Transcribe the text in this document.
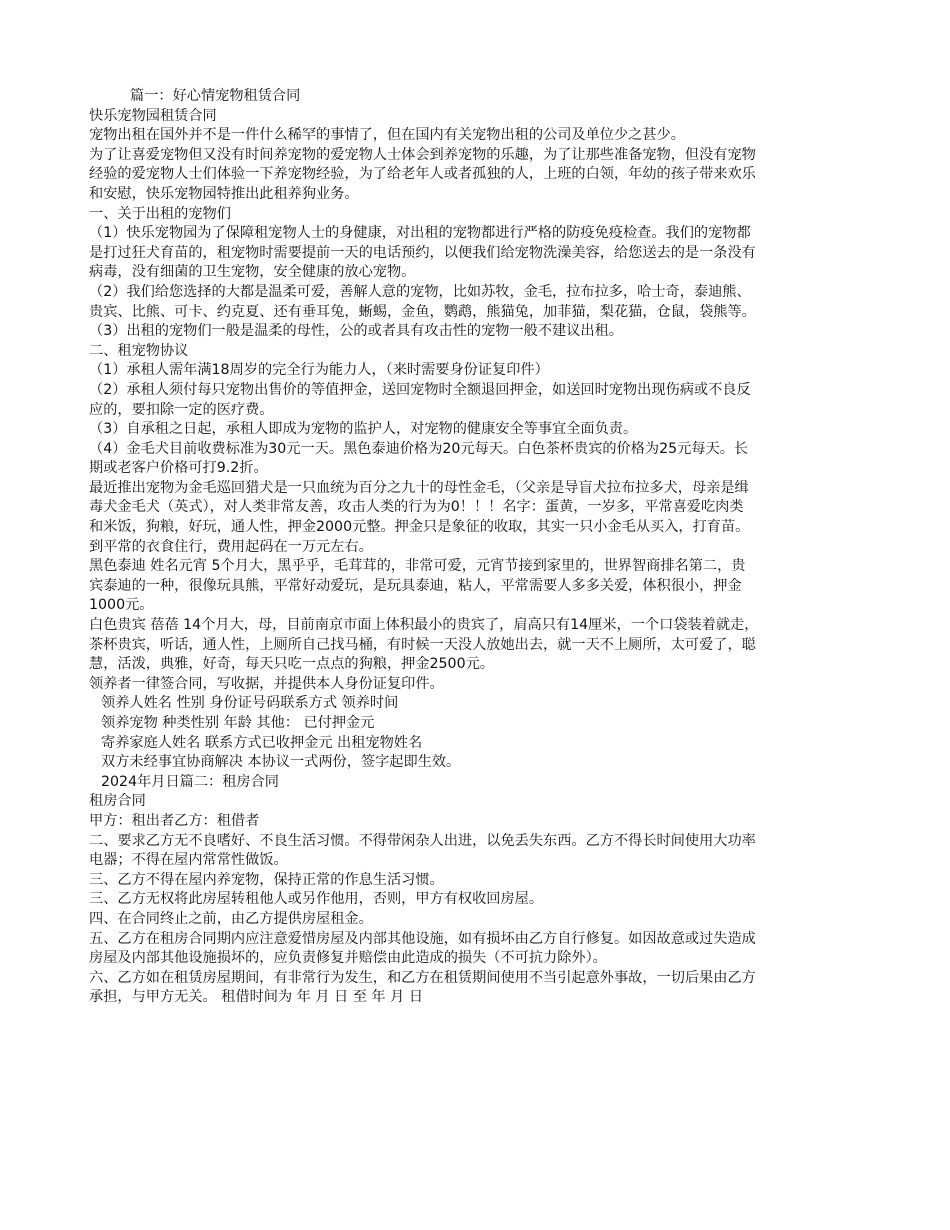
篇一：好心情宠物租赁合同
快乐宠物园租赁合同
宠物出租在国外并不是一件什么稀罕的事情了，但在国内有关宠物出租的公司及单位少之甚少。
为了让喜爱宠物但又没有时间养宠物的爱宠物人士体会到养宠物的乐趣，为了让那些准备宠物，但没有宠物
经验的爱宠物人士们体验一下养宠物经验，为了给老年人或者孤独的人，上班的白领，年幼的孩子带来欢乐
和安慰，快乐宠物园特推出此租养狗业务。
一、关于出租的宠物们
（1）快乐宠物园为了保障租宠物人士的身健康，对出租的宠物都进行严格的防疫免疫检查。我们的宠物都
是打过狂犬育苗的，租宠物时需要提前一天的电话预约，以便我们给宠物洗澡美容，给您送去的是一条没有
病毒，没有细菌的卫生宠物，安全健康的放心宠物。
（2）我们给您选择的大都是温柔可爱，善解人意的宠物，比如苏牧，金毛，拉布拉多，哈士奇，泰迪熊、
贵宾、比熊、可卡、约克夏、还有垂耳兔，蜥蜴，金鱼，鹦鹉，熊猫兔，加菲猫，梨花猫，仓鼠，袋熊等。
（3）出租的宠物们一般是温柔的母性，公的或者具有攻击性的宠物一般不建议出租。
二、租宠物协议
（1）承租人需年满18周岁的完全行为能力人，（来时需要身份证复印件）
（2）承租人须付每只宠物出售价的等值押金，送回宠物时全额退回押金，如送回时宠物出现伤病或不良反
应的，要扣除一定的医疗费。
（3）自承租之日起，承租人即成为宠物的监护人，对宠物的健康安全等事宜全面负责。
（4）金毛犬目前收费标准为30元一天。黑色泰迪价格为20元每天。白色茶杯贵宾的价格为25元每天。长
期或老客户价格可打9.2折。
最近推出宠物为金毛巡回猎犬是一只血统为百分之九十的母性金毛，（父亲是导盲犬拉布拉多犬，母亲是缉
毒犬金毛犬（英式），对人类非常友善，攻击人类的行为为0！！！名字：蛋黄，一岁多，平常喜爱吃肉类
和米饭，狗粮，好玩，通人性，押金2000元整。押金只是象征的收取，其实一只小金毛从买入，打育苗。
到平常的衣食住行，费用起码在一万元左右。
黑色泰迪 姓名元宵 5个月大，黑乎乎，毛茸茸的，非常可爱，元宵节接到家里的，世界智商排名第二，贵
宾泰迪的一种，很像玩具熊，平常好动爱玩，是玩具泰迪，粘人，平常需要人多多关爱，体积很小，押金
1000元。
白色贵宾 蓓蓓 14个月大，母，目前南京市面上体积最小的贵宾了，肩高只有14厘米，一个口袋装着就走，
茶杯贵宾，听话，通人性，上厕所自己找马桶，有时候一天没人放她出去，就一天不上厕所，太可爱了，聪
慧，活泼，典雅，好奇，每天只吃一点点的狗粮，押金2500元。
领养者一律签合同，写收据，并提供本人身份证复印件。
领养人姓名 性别 身份证号码联系方式 领养时间
领养宠物 种类性别 年龄 其他： 已付押金元
寄养家庭人姓名 联系方式已收押金元 出租宠物姓名
双方未经事宜协商解决 本协议一式两份，签字起即生效。
2024年月日篇二：租房合同
租房合同
甲方：租出者乙方：租借者
二、要求乙方无不良嗜好、不良生活习惯。不得带闲杂人出进，以免丢失东西。乙方不得长时间使用大功率
电器；不得在屋内常常性做饭。
三、乙方不得在屋内养宠物，保持正常的作息生活习惯。
三、乙方无权将此房屋转租他人或另作他用，否则，甲方有权收回房屋。
四、在合同终止之前，由乙方提供房屋租金。
五、乙方在租房合同期内应注意爱惜房屋及内部其他设施，如有损坏由乙方自行修复。如因故意或过失造成
房屋及内部其他设施损坏的，应负责修复并赔偿由此造成的损失（不可抗力除外）。
六、乙方如在租赁房屋期间，有非常行为发生，和乙方在租赁期间使用不当引起意外事故，一切后果由乙方
承担，与甲方无关。 租借时间为 年 月 日 至 年 月 日
